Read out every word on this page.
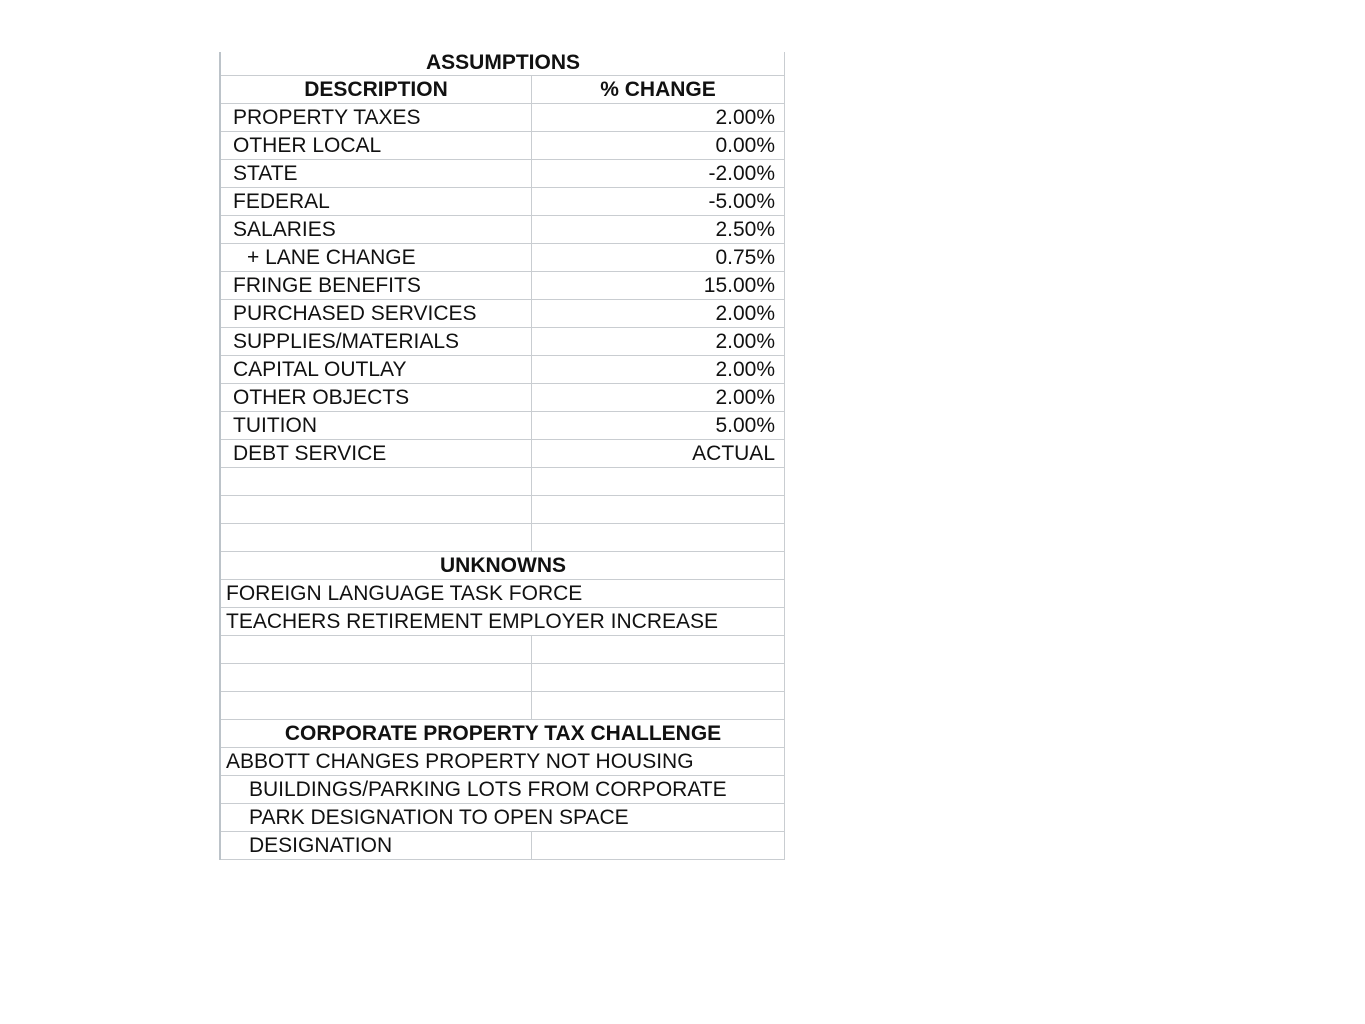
ASSUMPTIONS
DESCRIPTION	% CHANGE
PROPERTY TAXES	2.00%
OTHER LOCAL	0.00%
STATE	-2.00%
FEDERAL	-5.00%
SALARIES	2.50%
+ LANE CHANGE	0.75%
FRINGE BENEFITS	15.00%
PURCHASED SERVICES	2.00%
SUPPLIES/MATERIALS	2.00%
CAPITAL OUTLAY	2.00%
OTHER OBJECTS	2.00%
TUITION	5.00%
DEBT SERVICE	ACTUAL
UNKNOWNS
FOREIGN LANGUAGE TASK FORCE
TEACHERS RETIREMENT EMPLOYER INCREASE
CORPORATE PROPERTY TAX CHALLENGE
ABBOTT CHANGES PROPERTY NOT HOUSING
BUILDINGS/PARKING LOTS FROM CORPORATE
PARK DESIGNATION TO OPEN SPACE
DESIGNATION
